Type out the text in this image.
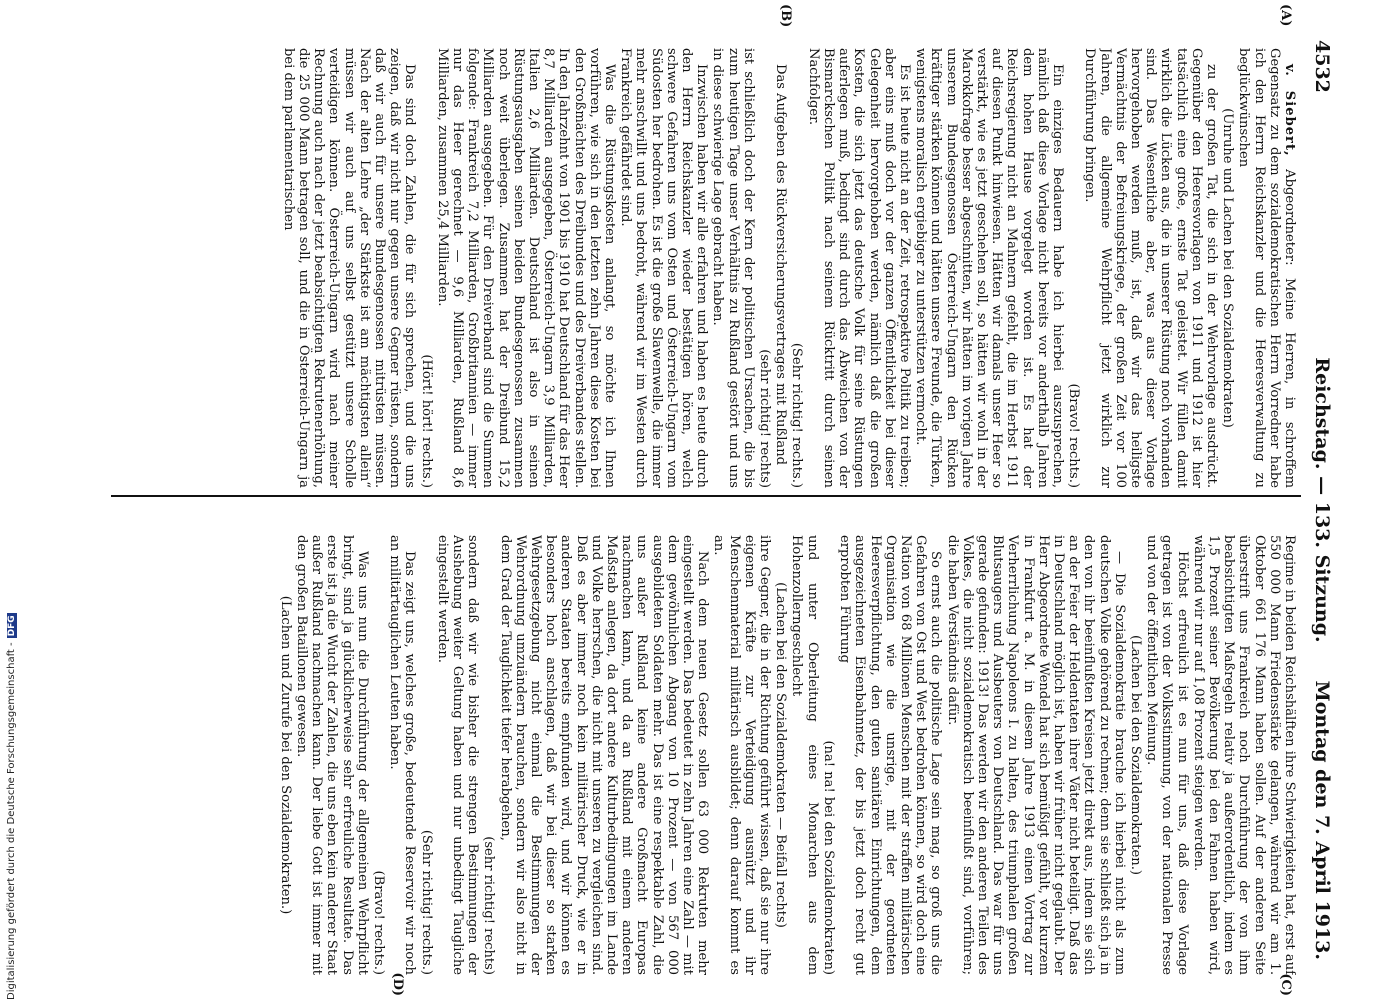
4532
Reichstag. — 133. Sitzung.
Montag den 7. April 1913.
(A)
(B)
(C)
(D)

v. Siebert, Abgeordneter: Meine Herren, in schroffem Gegensatz zu dem sozialdemokratischen Herrn Vorredner habe ich den Herrn Reichskanzler und die Heeresverwaltung zu beglückwünschen

(Unruhe und Lachen bei den Sozialdemokraten)

zu der großen Tat, die sich in der Wehrvorlage ausdrückt. Gegenüber den Heeresvorlagen von 1911 und 1912 ist hier tatsächlich eine große, ernste Tat geleistet. Wir füllen damit wirklich die Lücken aus, die in unserer Rüstung noch vorhanden sind. Das Wesentliche aber, was aus dieser Vorlage hervorgehoben werden muß, ist, daß wir das heiligste Vermächtnis der Befreiungskriege, der großen Zeit vor 100 Jahren, die allgemeine Wehrpflicht jetzt wirklich zur Durchführung bringen.

(Bravo! rechts.)

Ein einziges Bedauern habe ich hierbei auszusprechen, nämlich daß diese Vorlage nicht bereits vor anderthalb Jahren dem hohen Hause vorgelegt worden ist. Es hat der Reichsregierung nicht an Mahnern gefehlt, die im Herbst 1911 auf diesen Punkt hinwiesen. Hätten wir damals unser Heer so verstärkt, wie es jetzt geschehen soll, so hätten wir wohl in der Marokkofrage besser abgeschnitten, wir hätten im vorigen Jahre unserem Bundesgenossen Österreich-Ungarn den Rücken kräftiger stärken können und hätten unsere Freunde, die Türken, wenigstens moralisch ergiebiger zu unterstützen vermocht.

Es ist heute nicht an der Zeit, retrospektive Politik zu treiben; aber eins muß doch vor der ganzen Öffentlichkeit bei dieser Gelegenheit hervorgehoben werden, nämlich daß die großen Kosten, die sich jetzt das deutsche Volk für seine Rüstungen auferlegen muß, bedingt sind durch das Abweichen von der Bismarckschen Politik nach seinem Rücktritt durch seinen Nachfolger.

(Sehr richtig! rechts.)

Das Aufgeben des Rückversicherungsvertrages mit Rußland

(sehr richtig! rechts)

ist schließlich doch der Kern der politischen Ursachen, die bis zum heutigen Tage unser Verhältnis zu Rußland gestört und uns in diese schwierige Lage gebracht haben.

Inzwischen haben wir alle erfahren und haben es heute durch den Herrn Reichskanzler wieder bestätigen hören, welch schwere Gefahren uns vom Osten und Österreich-Ungarn vom Südosten her bedrohen. Es ist die große Slawenwelle, die immer mehr anschwillt und uns bedroht, während wir im Westen durch Frankreich gefährdet sind.

Was die Rüstungskosten anlangt, so möchte ich Ihnen vorführen, wie sich in den letzten zehn Jahren diese Kosten bei den Großmächten des Dreibundes und des Dreiverbandes stellen. In den Jahrzehnt von 1901 bis 1910 hat Deutschland für das Heer 8,7 Milliarden ausgegeben, Österreich-Ungarn 3,9 Milliarden, Italien 2,6 Milliarden. Deutschland ist also in seinen Rüstungsausgaben seinen beiden Bundesgenossen zusammen noch weit überlegen. Zusammen hat der Dreibund 15,2 Milliarden ausgegeben. Für den Dreiverband sind die Summen folgende: Frankreich 7,2 Milliarden, Großbritannien — immer nur das Heer gerechnet — 9,6 Milliarden, Rußland 8,6 Milliarden, zusammen 25,4 Milliarden.

(Hört! hört! rechts.)

Das sind doch Zahlen, die für sich sprechen, und die uns zeigen, daß wir nicht nur gegen unsere Gegner rüsten, sondern daß wir auch für unsere Bundesgenossen mitrüsten müssen. Nach der alten Lehre „der Stärkste ist am mächtigsten allein“ müssen wir auch auf uns selbst gestützt unsere Scholle verteidigen können. Österreich-Ungarn wird nach meiner Rechnung auch nach der jetzt beabsichtigten Rekrutenerhöhung, die 25 000 Mann betragen soll, und die in Österreich-Ungarn ja bei dem parlamentarischen

Regime in beiden Reichshälften ihre Schwierigkeiten hat, erst auf 550 000 Mann Friedensstärke gelangen, während wir am 1. Oktober 661 176 Mann haben sollen. Auf der anderen Seite überstrift uns Frankreich noch Durchführung der von ihm beabsichtigten Maßregeln relativ ja außerordentlich, indem es 1,5 Prozent seiner Bevölkerung bei den Fahnen haben wird, während wir nur auf 1,08 Prozent steigen werden.

Höchst erfreulich ist es nun für uns, daß diese Vorlage getragen ist von der Volksstimmung, von der nationalen Presse und von der öffentlichen Meinung.

(Lachen bei den Sozialdemokraten.)

— Die Sozialdemokratie brauche ich hierbei nicht als zum deutschen Volke gehörend zu rechnen; denn sie schließt sich ja in den von ihr beeinflußten Kreisen jetzt direkt aus, indem sie sich an der Feier der Heldentaten ihrer Väter nicht beteiligt. Daß das in Deutschland möglich ist, haben wir früher nicht geglaubt. Der Herr Abgeordnete Wendel hat sich bemüßigt gefühlt, vor kurzem in Frankfurt a. M. in diesem Jahre 1913 einen Vortrag zur Verherrlichung Napoleons I. zu halten, des triumphalen großen Blutsaugers und Ausbeuters von Deutschland. Das war für uns gerade gefunden: 1913! Das werden wir den anderen Teilen des Volkes, die nicht sozialdemokratisch beeinflußt sind, vorführen; die haben Verständnis dafür.

So ernst auch die politische Lage sein mag, so groß uns die Gefahren von Ost und West bedrohen können, so wird doch eine Nation von 68 Millionen Menschen mit der straffen militärischen Organisation wie die unsrige, mit der geordneten Heeresverpflichtung, den guten sanitären Einrichtungen, dem ausgezeichneten Eisenbahnnetz, der bis jetzt doch recht gut erprobten Führung

(na! na! bei den Sozialdemokraten)

und unter Oberleitung eines Monarchen aus dem Hohenzollerngeschlecht

(Lachen bei den Sozialdemokraten — Beifall rechts)

ihre Gegner, die in der Richtung geführt wissen, daß sie nur ihre eigenen Kräfte zur Verteidigung ausnützt und ihr Menschenmaterial militärisch ausbildet; denn darauf kommt es an.

Nach dem neuen Gesetz sollen 63 000 Rekruten mehr eingestellt werden. Das bedeutet in zehn Jahren eine Zahl — mit dem gewöhnlichen Abgang von 10 Prozent — von 567 000 ausgebildeten Soldaten mehr. Das ist eine respektable Zahl, die uns außer Rußland keine andere Großmacht Europas nachmachen kann, und da an Rußland mit einem anderen Maßstab anlegen, da dort andere Kulturbedingungen im Lande und Volke herrschen, die nicht mit unseren zu vergleichen sind. Daß es aber immer noch kein militärischer Druck, wie er in anderen Staaten bereits empfunden wird, und wir können es besonders hoch anschlagen, daß wir bei dieser so starken Wehrgesetzgebung nicht einmal die Bestimmungen der Wehrordnung umzuändern brauchen, sondern wir also nicht in dem Grad der Tauglichkeit tiefer herabgehen,

(sehr richtig! rechts)

sondern daß wir wie bisher die strengen Bestimmungen der Aushebung weiter Geltung haben und nur unbedingt Taugliche eingestellt werden.

(Sehr richtig! rechts.)

Das zeigt uns, welches große, bedeutende Reservoir wir noch an militärtauglichen Leuten haben.

(Bravo! rechts.)

Was uns nun die Durchführung der allgemeinen Wehrpflicht bringt, sind ja glücklicherweise sehr erfreuliche Resultate. Das erste ist ja die Wucht der Zahlen, die uns eben kein anderer Staat außer Rußland nachmachen kann. Der liebe Gott ist immer mit den großen Bataillonen gewesen.

(Lachen und Zurufe bei den Sozialdemokraten.)

Digitalisierung gefördert durch die Deutsche Forschungsgemeinschaft -DFG
